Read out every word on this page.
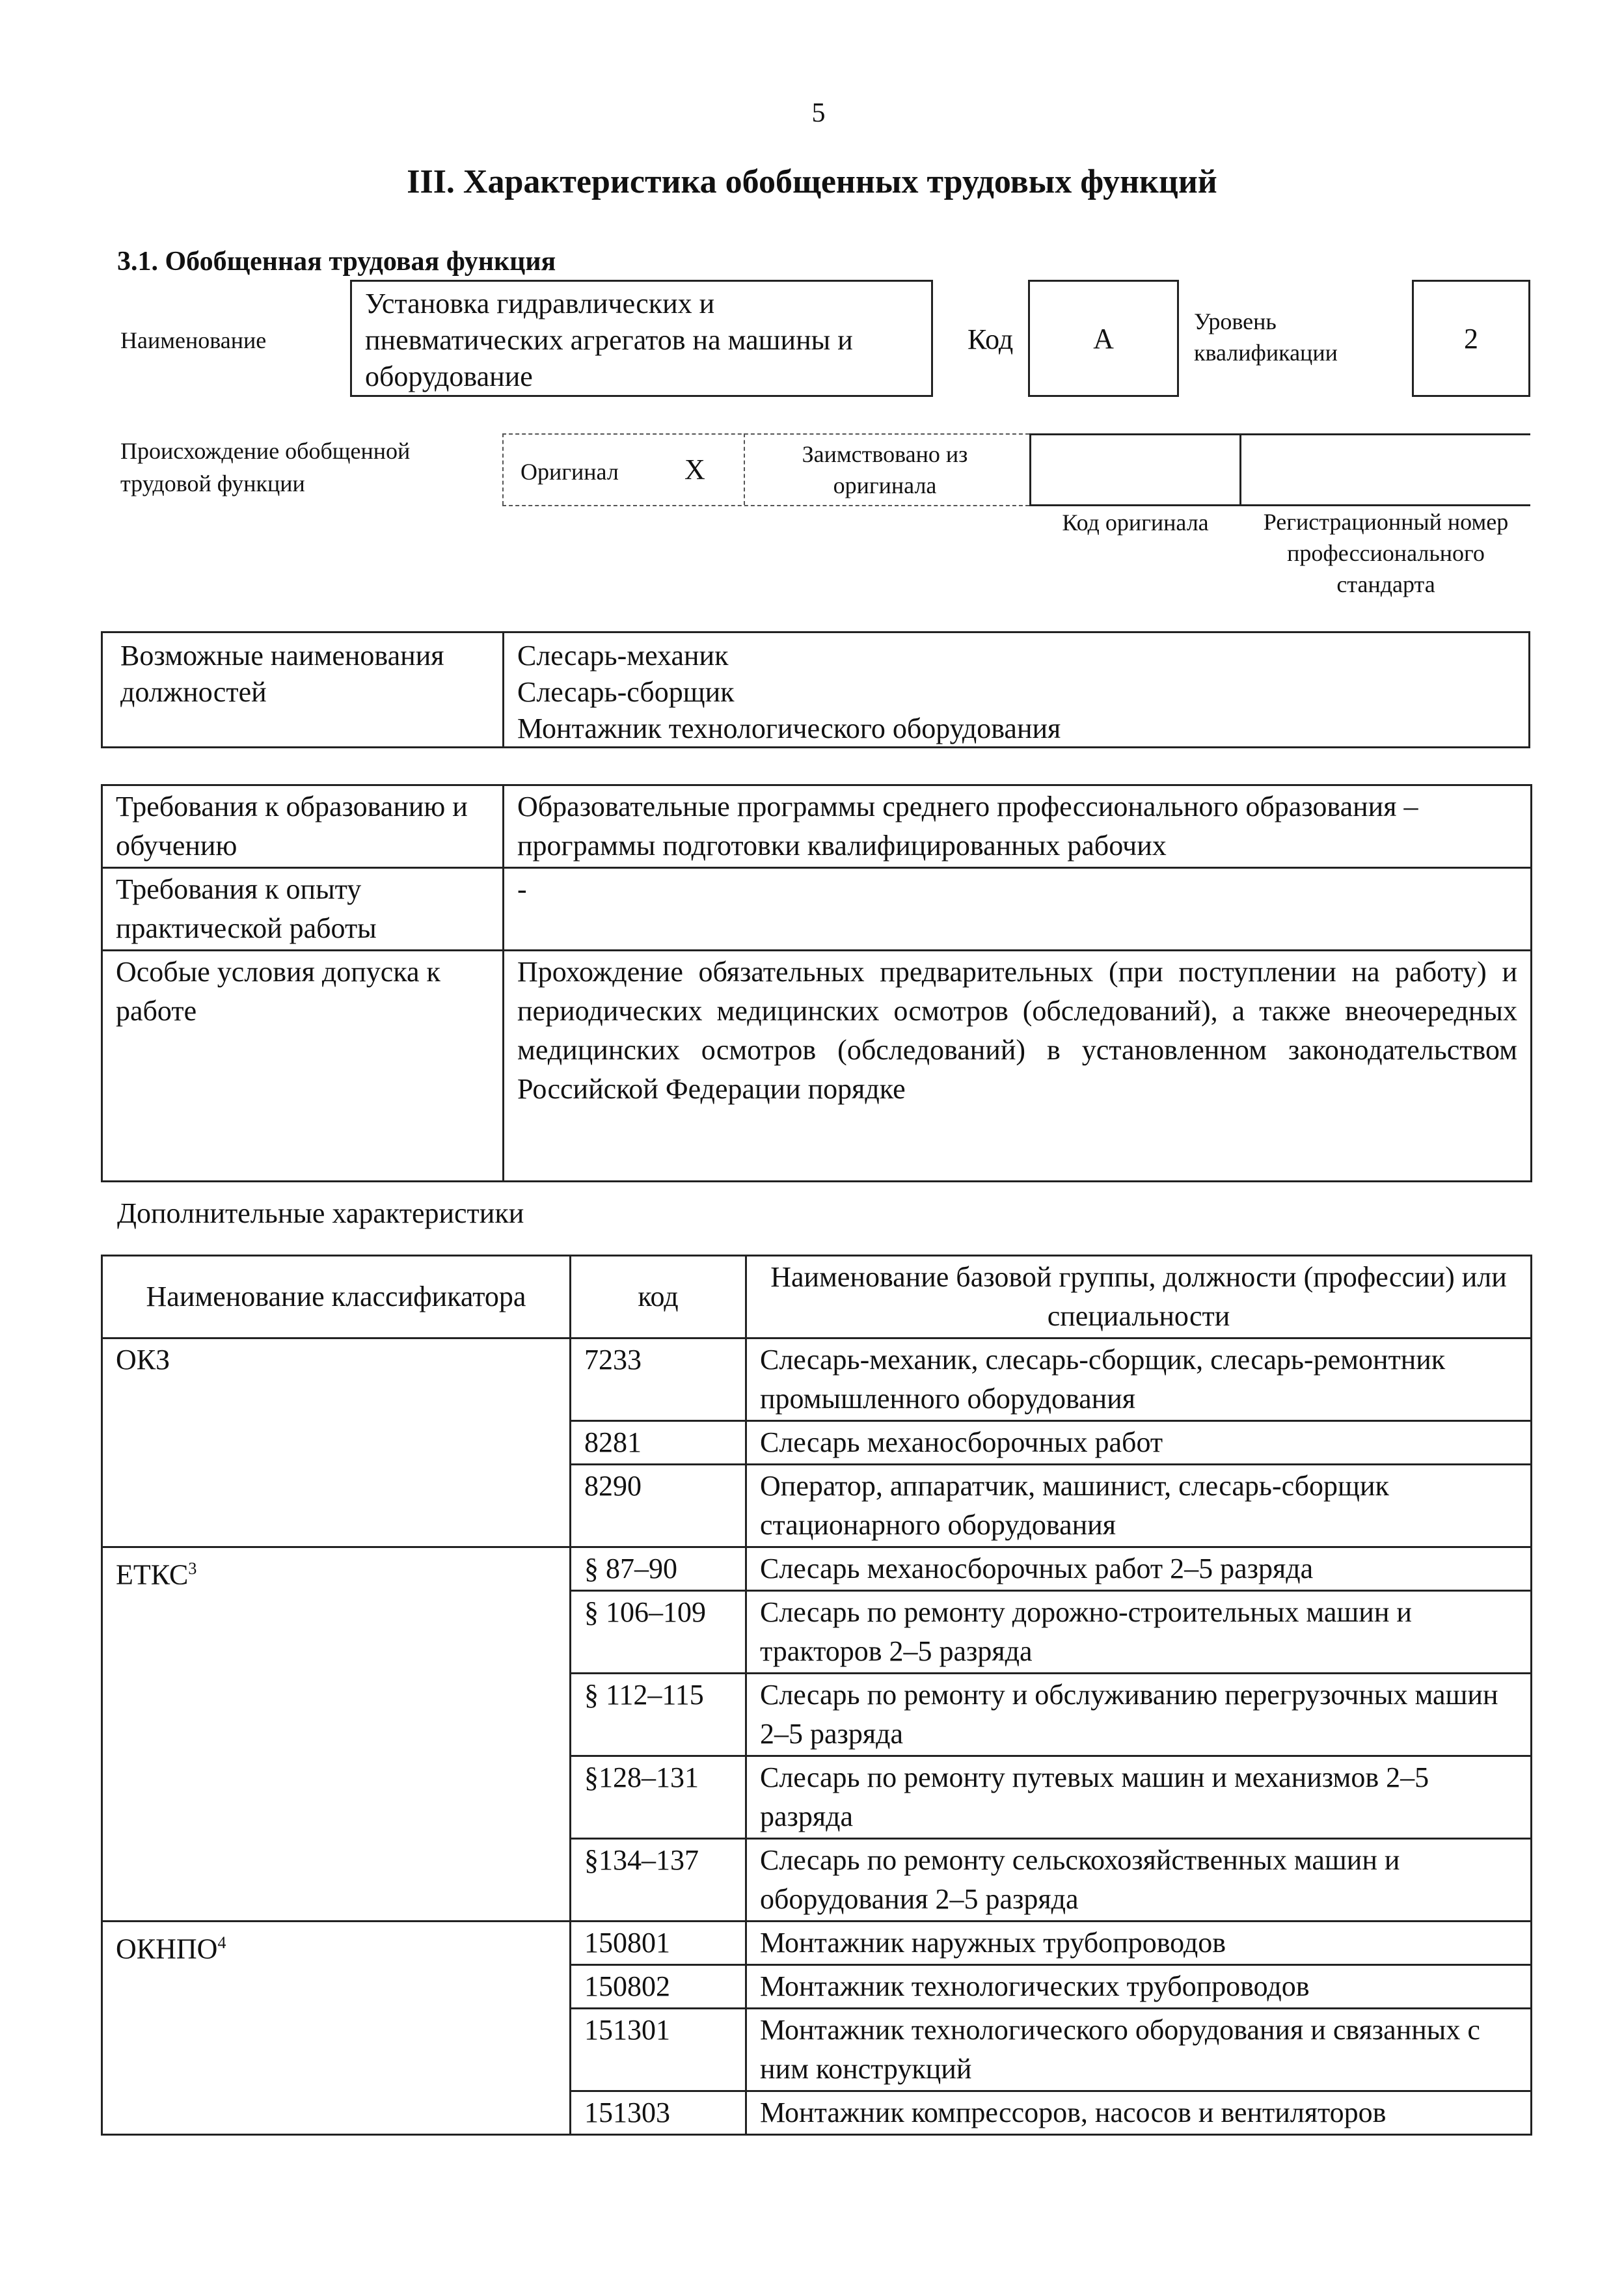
5
III. Характеристика обобщенных трудовых функций
3.1. Обобщенная трудовая функция
Наименование
Установка гидравлических и пневматических агрегатов на машины и оборудование
Код	А
Уровень квалификации	2
Происхождение обобщенной трудовой функции	Оригинал Х	Заимствовано из оригинала
Код оригинала	Регистрационный номер профессионального стандарта
Возможные наименования должностей
Слесарь-механик
Слесарь-сборщик
Монтажник технологического оборудования
Требования к образованию и обучению	Образовательные программы среднего профессионального образования – программы подготовки квалифицированных рабочих
Требования к опыту практической работы	-
Особые условия допуска к работе	Прохождение обязательных предварительных (при поступлении на работу) и периодических медицинских осмотров (обследований), а также внеочередных медицинских осмотров (обследований) в установленном законодательством Российской Федерации порядке
Дополнительные характеристики
Наименование классификатора	код	Наименование базовой группы, должности (профессии) или специальности
ОКЗ	7233	Слесарь-механик, слесарь-сборщик, слесарь-ремонтник промышленного оборудования
	8281	Слесарь механосборочных работ
	8290	Оператор, аппаратчик, машинист, слесарь-сборщик стационарного оборудования
ЕТКС$^3$	§ 87–90	Слесарь механосборочных работ 2–5 разряда
	§ 106–109	Слесарь по ремонту дорожно-строительных машин и тракторов 2–5 разряда
	§ 112–115	Слесарь по ремонту и обслуживанию перегрузочных машин 2–5 разряда
	§128–131	Слесарь по ремонту путевых машин и механизмов 2–5 разряда
	§134–137	Слесарь по ремонту сельскохозяйственных машин и оборудования 2–5 разряда
ОКНПО$^4$	150801	Монтажник наружных трубопроводов
	150802	Монтажник технологических трубопроводов
	151301	Монтажник технологического оборудования и связанных с ним конструкций
	151303	Монтажник компрессоров, насосов и вентиляторов
